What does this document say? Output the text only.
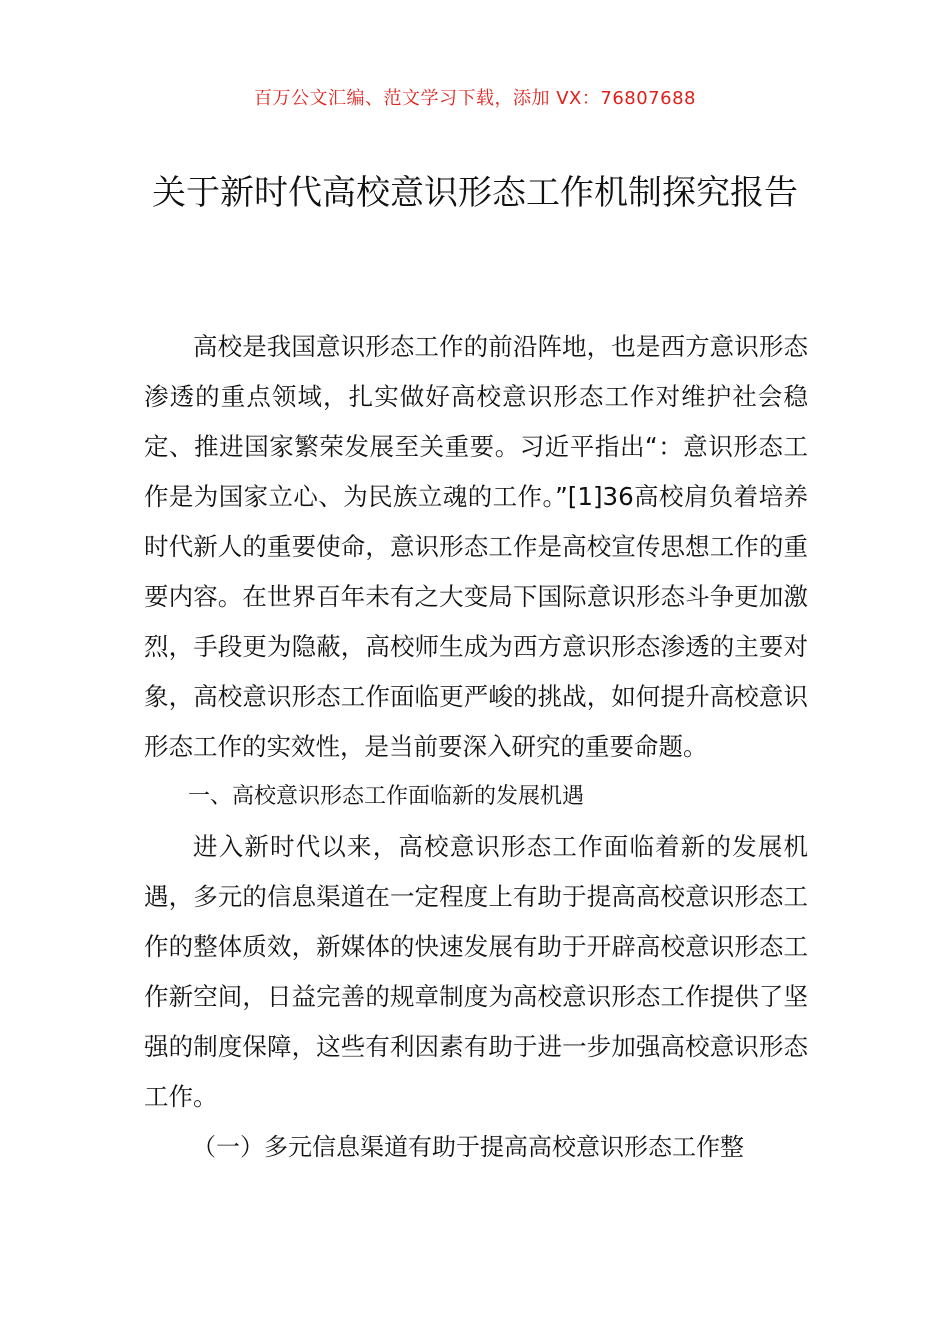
百万公文汇编、范文学习下载，添加 VX：76807688
关于新时代高校意识形态工作机制探究报告

高校是我国意识形态工作的前沿阵地，也是西方意识形态渗透的重点领域，扎实做好高校意识形态工作对维护社会稳定、推进国家繁荣发展至关重要。习近平指出“：意识形态工作是为国家立心、为民族立魂的工作。”[1]36高校肩负着培养时代新人的重要使命，意识形态工作是高校宣传思想工作的重要内容。在世界百年未有之大变局下国际意识形态斗争更加激烈，手段更为隐蔽，高校师生成为西方意识形态渗透的主要对象，高校意识形态工作面临更严峻的挑战，如何提升高校意识形态工作的实效性，是当前要深入研究的重要命题。

一、高校意识形态工作面临新的发展机遇

进入新时代以来，高校意识形态工作面临着新的发展机遇，多元的信息渠道在一定程度上有助于提高高校意识形态工作的整体质效，新媒体的快速发展有助于开辟高校意识形态工作新空间，日益完善的规章制度为高校意识形态工作提供了坚强的制度保障，这些有利因素有助于进一步加强高校意识形态工作。

（一）多元信息渠道有助于提高高校意识形态工作整
